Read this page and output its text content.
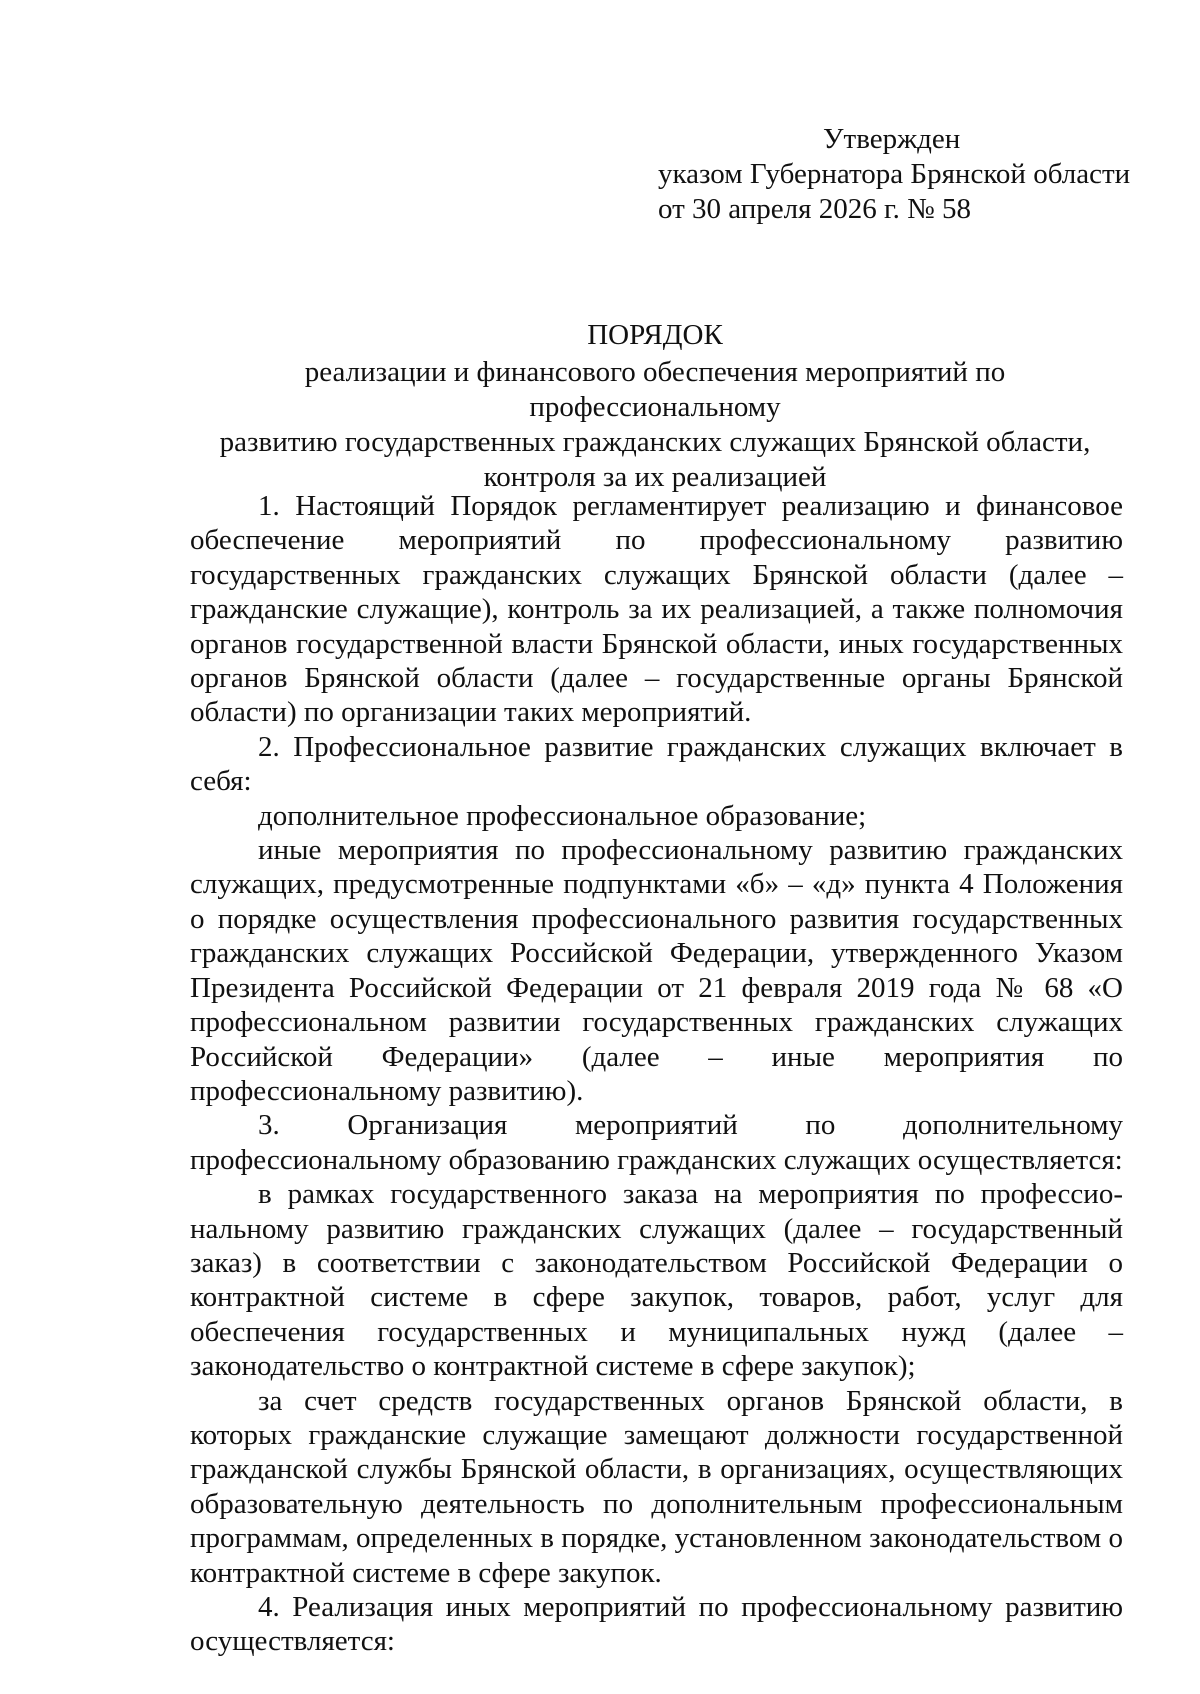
Утвержден
указом Губернатора Брянской области
от 30 апреля 2026 г. № 58
ПОРЯДОК
реализации и финансового обеспечения мероприятий по профессиональному
развитию государственных гражданских служащих Брянской области,
контроля за их реализацией

1. Настоящий Порядок регламентирует реализацию и финансовое обеспечение мероприятий по профессиональному развитию государственных гражданских служащих Брянской области (далее – гражданские служащие), контроль за их реализацией, а также полномочия органов государственной власти Брянской области, иных государственных органов Брянской области (далее – государственные органы Брянской области) по организации таких мероприятий.

2. Профессиональное развитие гражданских служащих включает в себя:

дополнительное профессиональное образование;

иные мероприятия по профессиональному развитию гражданских служащих, предусмотренные подпунктами «б» – «д» пункта 4 Положения о порядке осуществления профессионального развития государственных гражданских служащих Российской Федерации, утвержденного Указом Президента Российской Федерации от 21 февраля 2019 года № 68 «О профессиональном развитии государственных гражданских служащих Российской Федерации» (далее – иные мероприятия по профессиональному развитию).

3. Организация мероприятий по дополнительному профессиональному образованию гражданских служащих осуществляется:

в рамках государственного заказа на мероприятия по профессиональному развитию гражданских служащих (далее – государственный заказ) в соответствии с законодательством Российской Федерации о контрактной системе в сфере закупок, товаров, работ, услуг для обеспечения государственных и муниципальных нужд (далее – законодательство о контрактной системе в сфере закупок);

за счет средств государственных органов Брянской области, в которых гражданские служащие замещают должности государственной гражданской службы Брянской области, в организациях, осуществляющих образовательную деятельность по дополнительным профессиональным программам, определенных в порядке, установленном законодательством о контрактной системе в сфере закупок.

4. Реализация иных мероприятий по профессиональному развитию осуществляется:
